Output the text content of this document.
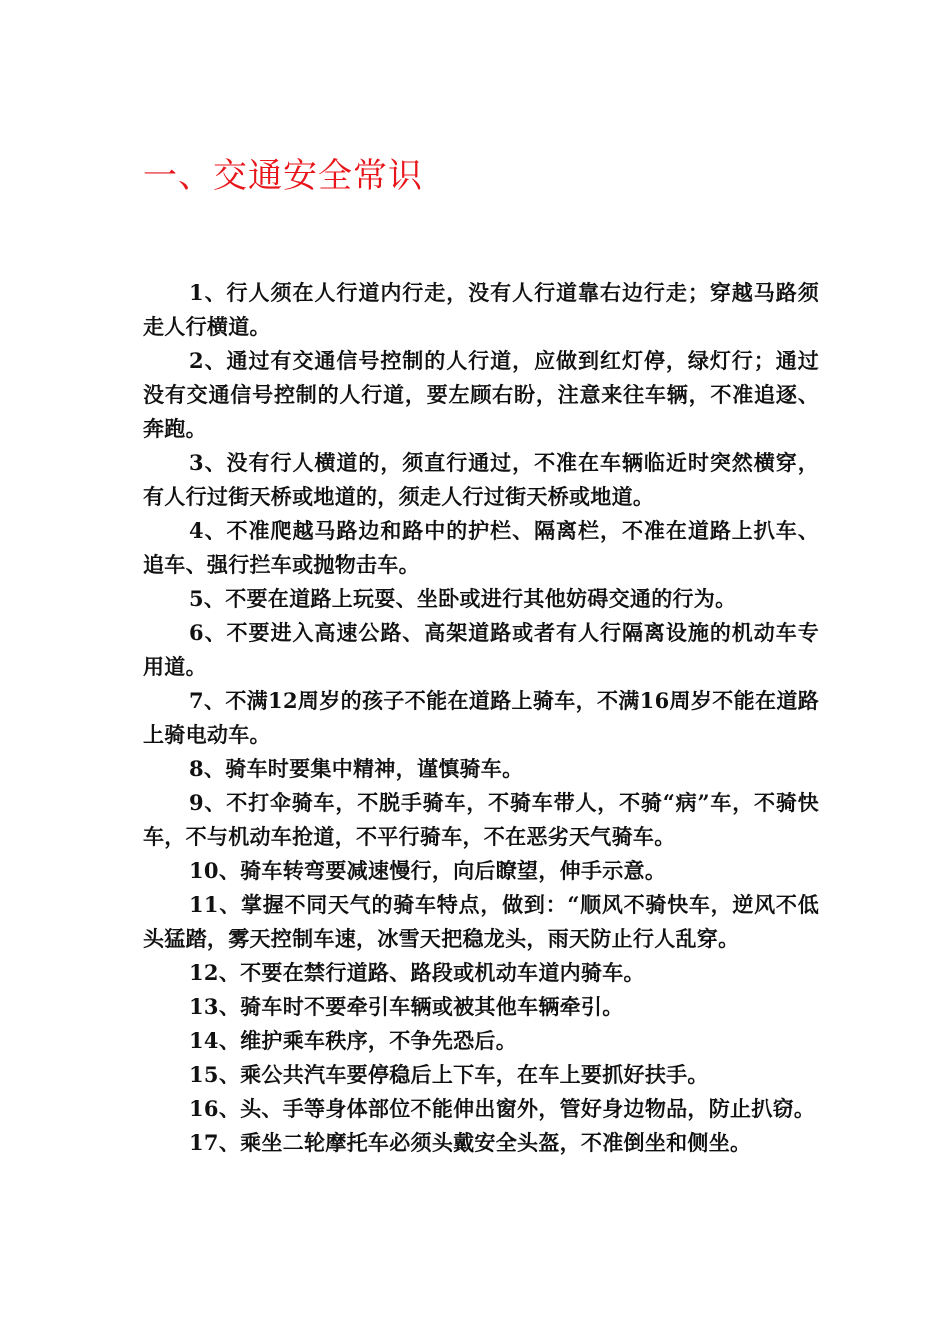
一、交通安全常识

1、行人须在人行道内行走，没有人行道靠右边行走；穿越马路须走人行横道。

2、通过有交通信号控制的人行道，应做到红灯停，绿灯行；通过没有交通信号控制的人行道，要左顾右盼，注意来往车辆，不准追逐、奔跑。

3、没有行人横道的，须直行通过，不准在车辆临近时突然横穿，有人行过街天桥或地道的，须走人行过街天桥或地道。

4、不准爬越马路边和路中的护栏、隔离栏，不准在道路上扒车、追车、强行拦车或抛物击车。

5、不要在道路上玩耍、坐卧或进行其他妨碍交通的行为。

6、不要进入高速公路、高架道路或者有人行隔离设施的机动车专用道。

7、不满12周岁的孩子不能在道路上骑车，不满16周岁不能在道路上骑电动车。

8、骑车时要集中精神，谨慎骑车。

9、不打伞骑车，不脱手骑车，不骑车带人，不骑“病”车，不骑快车，不与机动车抢道，不平行骑车，不在恶劣天气骑车。

10、骑车转弯要减速慢行，向后瞭望，伸手示意。

11、掌握不同天气的骑车特点，做到：“顺风不骑快车，逆风不低头猛踏，雾天控制车速，冰雪天把稳龙头，雨天防止行人乱穿。

12、不要在禁行道路、路段或机动车道内骑车。

13、骑车时不要牵引车辆或被其他车辆牵引。

14、维护乘车秩序，不争先恐后。

15、乘公共汽车要停稳后上下车，在车上要抓好扶手。

16、头、手等身体部位不能伸出窗外，管好身边物品，防止扒窃。

17、乘坐二轮摩托车必须头戴安全头盔，不准倒坐和侧坐。
